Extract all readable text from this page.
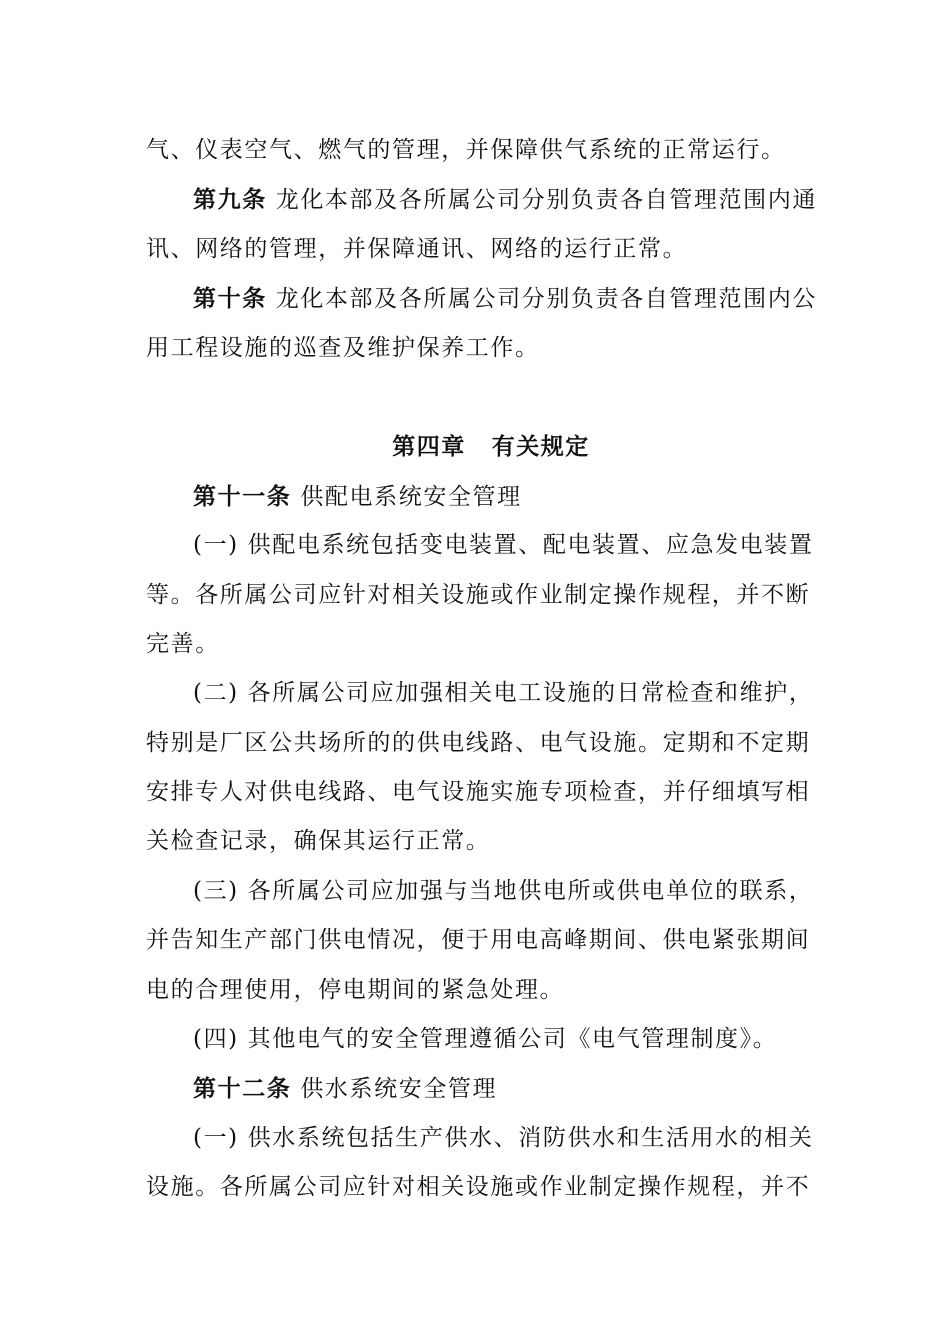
气、仪表空气、燃气的管理，并保障供气系统的正常运行。
第九条 龙化本部及各所属公司分别负责各自管理范围内通
讯、网络的管理，并保障通讯、网络的运行正常。
第十条 龙化本部及各所属公司分别负责各自管理范围内公
用工程设施的巡查及维护保养工作。
第四章 有关规定
第十一条 供配电系统安全管理
(一) 供配电系统包括变电装置、配电装置、应急发电装置
等。各所属公司应针对相关设施或作业制定操作规程，并不断
完善。
(二) 各所属公司应加强相关电工设施的日常检查和维护，
特别是厂区公共场所的的供电线路、电气设施。定期和不定期
安排专人对供电线路、电气设施实施专项检查，并仔细填写相
关检查记录，确保其运行正常。
(三) 各所属公司应加强与当地供电所或供电单位的联系，
并告知生产部门供电情况，便于用电高峰期间、供电紧张期间
电的合理使用，停电期间的紧急处理。
(四) 其他电气的安全管理遵循公司《电气管理制度》。
第十二条 供水系统安全管理
(一) 供水系统包括生产供水、消防供水和生活用水的相关
设施。各所属公司应针对相关设施或作业制定操作规程，并不
